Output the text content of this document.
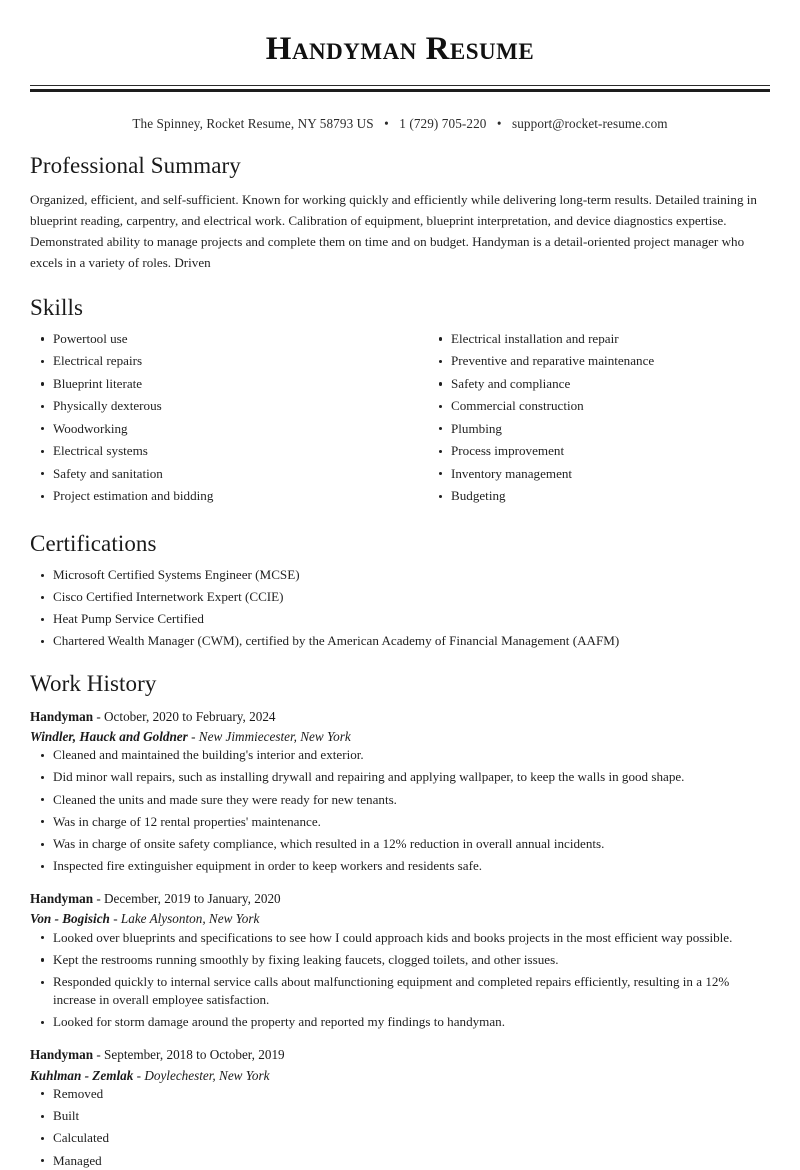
Handyman Resume
The Spinney, Rocket Resume, NY 58793 US • 1 (729) 705-220 • support@rocket-resume.com
Professional Summary

Organized, efficient, and self-sufficient. Known for working quickly and efficiently while delivering long-term results. Detailed training in blueprint reading, carpentry, and electrical work. Calibration of equipment, blueprint interpretation, and device diagnostics expertise. Demonstrated ability to manage projects and complete them on time and on budget. Handyman is a detail-oriented project manager who excels in a variety of roles. Driven

Skills
Powertool use
Electrical repairs
Blueprint literate
Physically dexterous
Woodworking
Electrical systems
Safety and sanitation
Project estimation and bidding
Electrical installation and repair
Preventive and reparative maintenance
Safety and compliance
Commercial construction
Plumbing
Process improvement
Inventory management
Budgeting
Certifications
Microsoft Certified Systems Engineer (MCSE)
Cisco Certified Internetwork Expert (CCIE)
Heat Pump Service Certified
Chartered Wealth Manager (CWM), certified by the American Academy of Financial Management (AAFM)
Work History
Handyman - October, 2020 to February, 2024
Windler, Hauck and Goldner - New Jimmiecester, New York
Cleaned and maintained the building's interior and exterior.
Did minor wall repairs, such as installing drywall and repairing and applying wallpaper, to keep the walls in good shape.
Cleaned the units and made sure they were ready for new tenants.
Was in charge of 12 rental properties' maintenance.
Was in charge of onsite safety compliance, which resulted in a 12% reduction in overall annual incidents.
Inspected fire extinguisher equipment in order to keep workers and residents safe.
Handyman - December, 2019 to January, 2020
Von - Bogisich - Lake Alysonton, New York
Looked over blueprints and specifications to see how I could approach kids and books projects in the most efficient way possible.
Kept the restrooms running smoothly by fixing leaking faucets, clogged toilets, and other issues.
Responded quickly to internal service calls about malfunctioning equipment and completed repairs efficiently, resulting in a 12% increase in overall employee satisfaction.
Looked for storm damage around the property and reported my findings to handyman.
Handyman - September, 2018 to October, 2019
Kuhlman - Zemlak - Doylechester, New York
Removed
Built
Calculated
Managed
